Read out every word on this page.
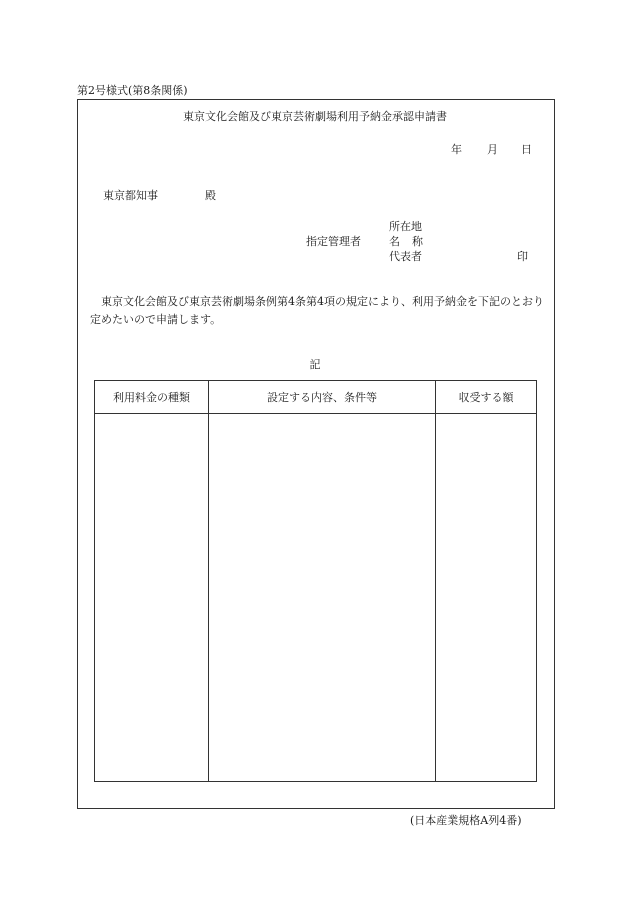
第2号様式(第8条関係)
東京文化会館及び東京芸術劇場利用予納金承認申請書
年 月 日
東京都知事	殿
所在地
指定管理者	名称
代表者	印

東京文化会館及び東京芸術劇場条例第4条第4項の規定により、利用予納金を下記のとおり定めたいので申請します。

記
利用料金の種類	設定する内容、条件等	収受する額

(日本産業規格A列4番)
